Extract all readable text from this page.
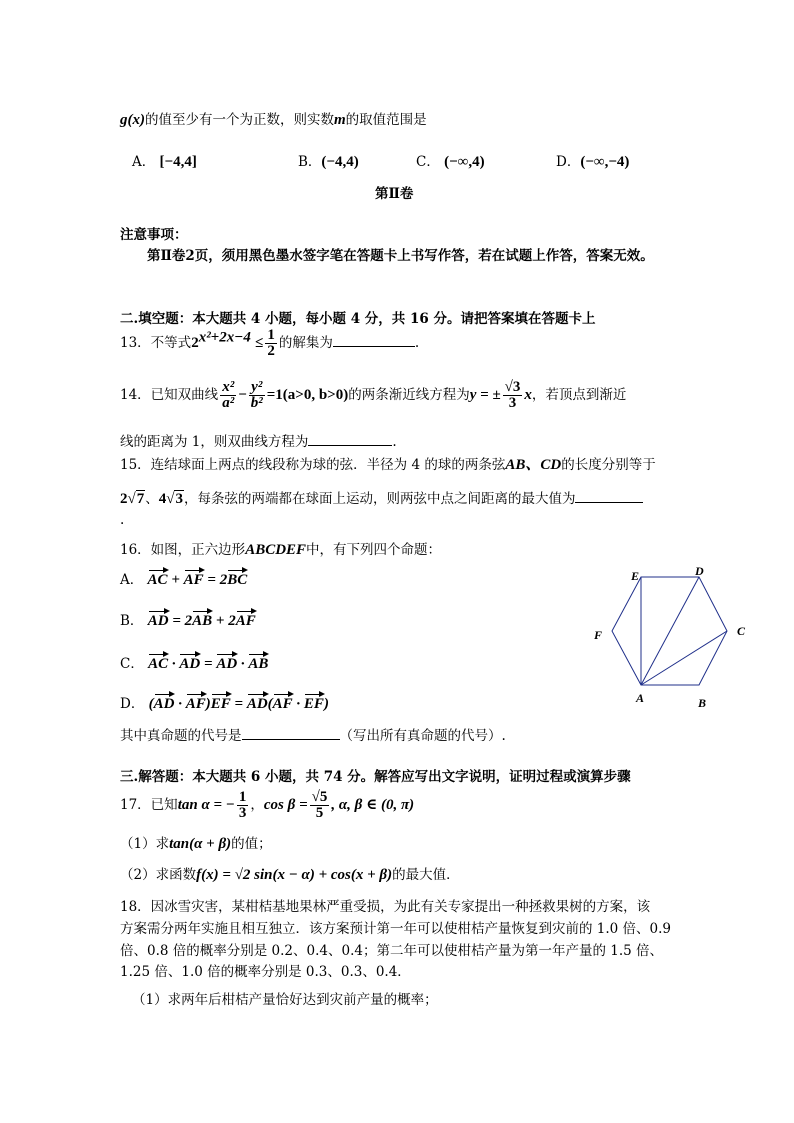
g(x)的值至少有一个为正数，则实数m的取值范围是
A． [−4,4]	B．(−4,4)	C． (−∞,4)	D．(−∞,−4)
第Ⅱ卷
注意事项：
第Ⅱ卷2页，须用黑色墨水签字笔在答题卡上书写作答，若在试题上作答，答案无效。
二.填空题：本大题共 4 小题，每小题 4 分，共 16 分。请把答案填在答题卡上
13．不等式$2^{x^2+2x-4} \le \frac{1}{2}$ 的解集为	.
14．已知双曲线 $\frac{\text{x²}}{\text{a²}} - \frac{\text{y²}}{\text{b²}} =1(a>0$, b>0)的两条渐近线方程为y = ± $\frac{√3}{3}$ x，若顶点到渐近
线的距离为 1，则双曲线方程为	.
15．连结球面上两点的线段称为球的弦．半径为 4 的球的两条弦AB、CD的长度分别等于
2√7、4√3，每条弦的两端都在球面上运动，则两弦中点之间距离的最大值为
.
16．如图，正六边形ABCDEF中，有下列四个命题：
A． AC + AF = 2BC
B． AD = 2AB + 2AF
C． AC · AD = AD · AB
D． (AD · AF)EF = AD(AF · EF)
其中真命题的代号是	（写出所有真命题的代号）.
A	B
C
D
E
F
三.解答题：本大题共 6 小题，共 74 分。解答应写出文字说明，证明过程或演算步骤
17．已知tan α = − $\frac{1}{3}$ ，$\cos \beta = \frac{√5}{5}$ , α, β ∈ (0, π)
（1）求tan(α + β)的值；
（2）求函数f(x) = √2 sin(x − α) + cos(x + β)的最大值．
18．因冰雪灾害，某柑桔基地果林严重受损，为此有关专家提出一种拯救果树的方案，该
方案需分两年实施且相互独立．该方案预计第一年可以使柑桔产量恢复到灾前的 1.0 倍、0.9
倍、0.8 倍的概率分别是 0.2、0.4、0.4；第二年可以使柑桔产量为第一年产量的 1.5 倍、
1.25 倍、1.0 倍的概率分别是 0.3、0.3、0.4．
（1）求两年后柑桔产量恰好达到灾前产量的概率；
